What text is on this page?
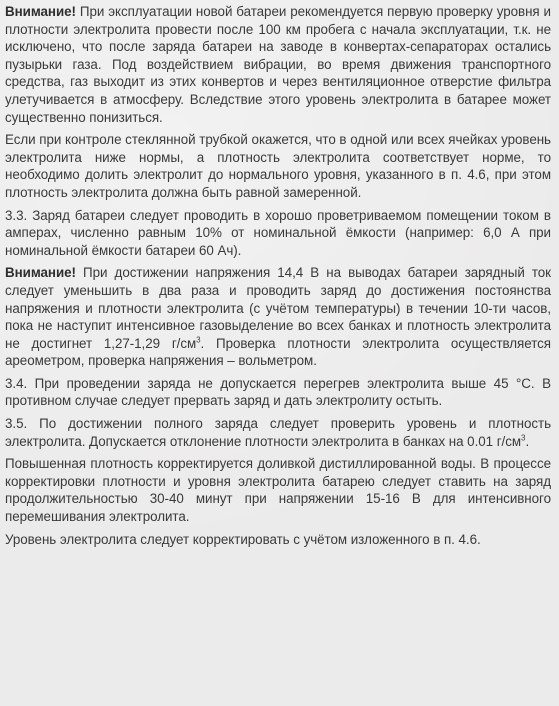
Внимание! При эксплуатации новой батареи рекомендуется первую проверку уровня и плотности электролита провести после 100 км пробега с начала эксплуатации, т.к. не исключено, что после заряда батареи на заводе в конвертах-сепараторах остались пузырьки газа. Под воздействием вибрации, во время движения транспортного средства, газ выходит из этих конвертов и через вентиляционное отверстие фильтра улетучивается в атмосферу. Вследствие этого уровень электролита в батарее может существенно понизиться.

Если при контроле стеклянной трубкой окажется, что в одной или всех ячейках уровень электролита ниже нормы, а плотность электролита соответствует норме, то необходимо долить электролит до нормального уровня, указанного в п. 4.6, при этом плотность электролита должна быть равной замеренной.

3.3. Заряд батареи следует проводить в хорошо проветриваемом помещении током в амперах, численно равным 10% от номинальной ёмкости (например: 6,0 А при номинальной ёмкости батареи 60 Ач).

Внимание! При достижении напряжения 14,4 В на выводах батареи зарядный ток следует уменьшить в два раза и проводить заряд до достижения постоянства напряжения и плотности электролита (с учётом температуры) в течении 10-ти часов, пока не наступит интенсивное газовыделение во всех банках и плотность электролита не достигнет 1,27-1,29 $г/см^3$. Проверка плотности электролита осуществляется ареометром, проверка напряжения – вольметром.

3.4. При проведении заряда не допускается перегрев электролита выше 45 °С. В противном случае следует прервать заряд и дать электролиту остыть.

3.5. По достижении полного заряда следует проверить уровень и плотность электролита. Допускается отклонение плотности электролита в банках на 0.01 $г/см^3$.

Повышенная плотность корректируется доливкой дистиллированной воды. В процессе корректировки плотности и уровня электролита батарею следует ставить на заряд продолжительностью 30-40 минут при напряжении 15-16 В для интенсивного перемешивания электролита.

Уровень электролита следует корректировать с учётом изложенного в п. 4.6.
